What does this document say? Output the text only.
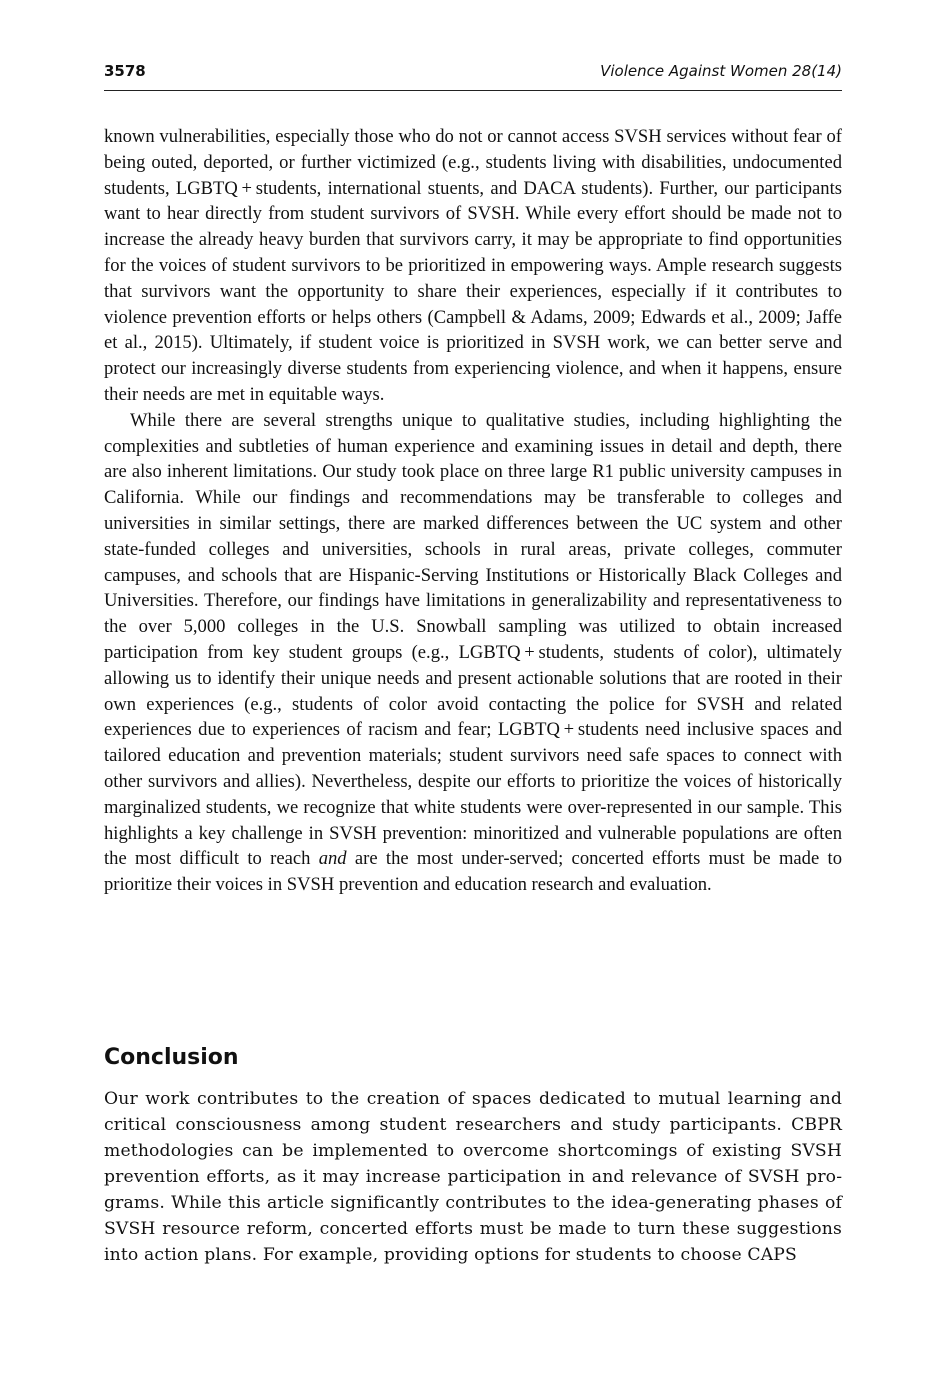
3578	Violence Against Women 28(14)

known vulnerabilities, especially those who do not or cannot access SVSH services without fear of being outed, deported, or further victimized (e.g., students living with disabilities, undocumented students, LGBTQ + students, international stuents, and DACA students). Further, our participants want to hear directly from student survivors of SVSH. While every effort should be made not to increase the already heavy burden that survivors carry, it may be appropriate to find opportunities for the voices of student survivors to be prioritized in empowering ways. Ample research suggests that survivors want the opportunity to share their experiences, especially if it contributes to violence prevention efforts or helps others (Campbell & Adams, 2009; Edwards et al., 2009; Jaffe et al., 2015). Ultimately, if student voice is prioritized in SVSH work, we can better serve and protect our increasingly diverse students from experiencing violence, and when it happens, ensure their needs are met in equitable ways.

While there are several strengths unique to qualitative studies, including highlighting the complexities and subtleties of human experience and examining issues in detail and depth, there are also inherent limitations. Our study took place on three large R1 public university campuses in California. While our findings and recommendations may be transferable to colleges and universities in similar settings, there are marked differences between the UC system and other state-funded colleges and universities, schools in rural areas, private colleges, commuter campuses, and schools that are Hispanic-Serving Institutions or Historically Black Colleges and Universities. Therefore, our findings have limitations in generalizability and representativeness to the over 5,000 colleges in the U.S. Snowball sampling was utilized to obtain increased participation from key student groups (e.g., LGBTQ + students, students of color), ultimately allowing us to identify their unique needs and present actionable solutions that are rooted in their own experiences (e.g., students of color avoid contacting the police for SVSH and related experiences due to experiences of racism and fear; LGBTQ + students need inclusive spaces and tailored education and prevention materials; student survivors need safe spaces to connect with other survivors and allies). Nevertheless, despite our efforts to prioritize the voices of historically marginalized students, we recognize that white students were over-represented in our sample. This highlights a key challenge in SVSH prevention: minoritized and vulnerable populations are often the most difficult to reach and are the most under-served; concerted efforts must be made to prioritize their voices in SVSH prevention and education research and evaluation.

Conclusion

Our work contributes to the creation of spaces dedicated to mutual learning and critical consciousness among student researchers and study participants. CBPR methodologies can be implemented to overcome shortcomings of existing SVSH prevention efforts, as it may increase participation in and relevance of SVSH programs. While this article significantly contributes to the idea-generating phases of SVSH resource reform, concerted efforts must be made to turn these suggestions into action plans. For example, providing options for students to choose CAPS
